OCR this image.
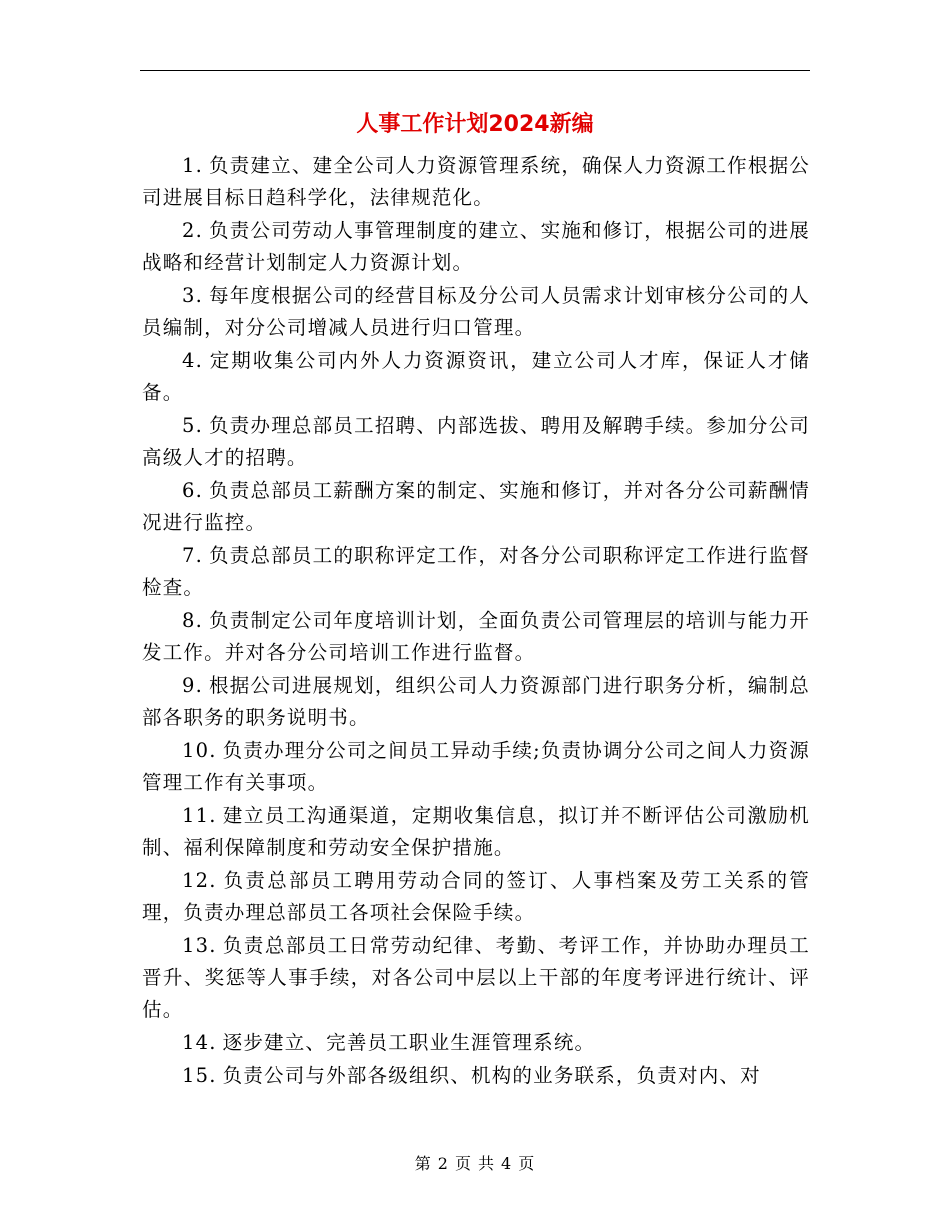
人事工作计划2024新编
1. 负责建立、建全公司人力资源管理系统，确保人力资源工作根据公司进展目标日趋科学化，法律规范化。
2. 负责公司劳动人事管理制度的建立、实施和修订，根据公司的进展战略和经营计划制定人力资源计划。
3. 每年度根据公司的经营目标及分公司人员需求计划审核分公司的人员编制，对分公司增减人员进行归口管理。
4. 定期收集公司内外人力资源资讯，建立公司人才库，保证人才储备。
5. 负责办理总部员工招聘、内部选拔、聘用及解聘手续。参加分公司高级人才的招聘。
6. 负责总部员工薪酬方案的制定、实施和修订，并对各分公司薪酬情况进行监控。
7. 负责总部员工的职称评定工作，对各分公司职称评定工作进行监督检查。
8. 负责制定公司年度培训计划，全面负责公司管理层的培训与能力开发工作。并对各分公司培训工作进行监督。
9. 根据公司进展规划，组织公司人力资源部门进行职务分析，编制总部各职务的职务说明书。
10. 负责办理分公司之间员工异动手续;负责协调分公司之间人力资源管理工作有关事项。
11. 建立员工沟通渠道，定期收集信息，拟订并不断评估公司激励机制、福利保障制度和劳动安全保护措施。
12. 负责总部员工聘用劳动合同的签订、人事档案及劳工关系的管理，负责办理总部员工各项社会保险手续。
13. 负责总部员工日常劳动纪律、考勤、考评工作，并协助办理员工晋升、奖惩等人事手续，对各公司中层以上干部的年度考评进行统计、评估。
14. 逐步建立、完善员工职业生涯管理系统。
15. 负责公司与外部各级组织、机构的业务联系，负责对内、对
第 2 页 共 4 页
